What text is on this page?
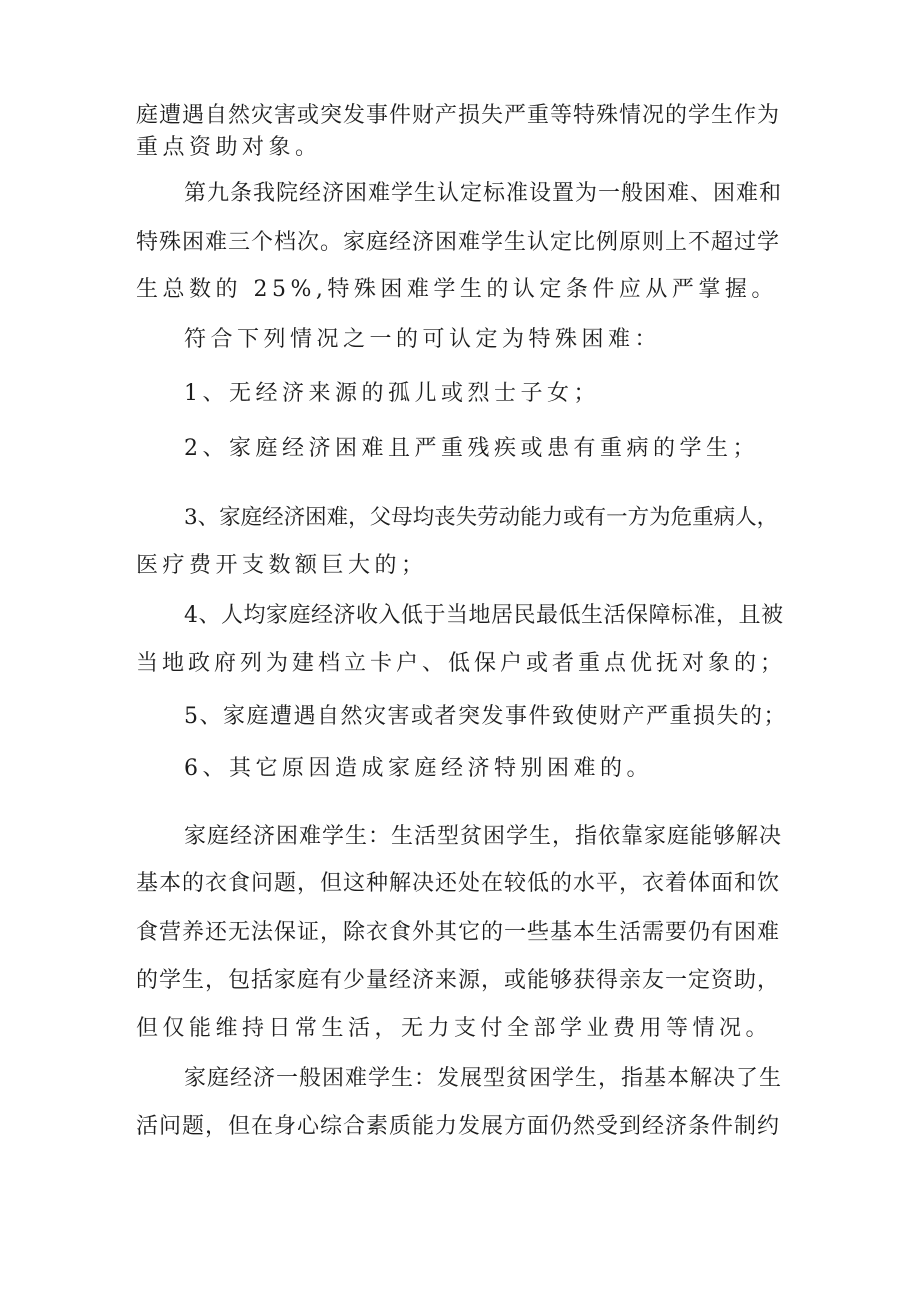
庭遭遇自然灾害或突发事件财产损失严重等特殊情况的学生作为

重点资助对象。

第九条我院经济困难学生认定标准设置为一般困难、困难和

特殊困难三个档次。家庭经济困难学生认定比例原则上不超过学

生总数的 25%,特殊困难学生的认定条件应从严掌握。

符合下列情况之一的可认定为特殊困难：

1、无经济来源的孤儿或烈士子女；

2、家庭经济困难且严重残疾或患有重病的学生；

3、家庭经济困难，父母均丧失劳动能力或有一方为危重病人，

医疗费开支数额巨大的；

4、人均家庭经济收入低于当地居民最低生活保障标准，且被

当地政府列为建档立卡户、低保户或者重点优抚对象的；

5、家庭遭遇自然灾害或者突发事件致使财产严重损失的；

6、其它原因造成家庭经济特别困难的。

家庭经济困难学生：生活型贫困学生，指依靠家庭能够解决

基本的衣食问题，但这种解决还处在较低的水平，衣着体面和饮

食营养还无法保证，除衣食外其它的一些基本生活需要仍有困难

的学生，包括家庭有少量经济来源，或能够获得亲友一定资助，

但仅能维持日常生活，无力支付全部学业费用等情况。

家庭经济一般困难学生：发展型贫困学生，指基本解决了生

活问题，但在身心综合素质能力发展方面仍然受到经济条件制约
